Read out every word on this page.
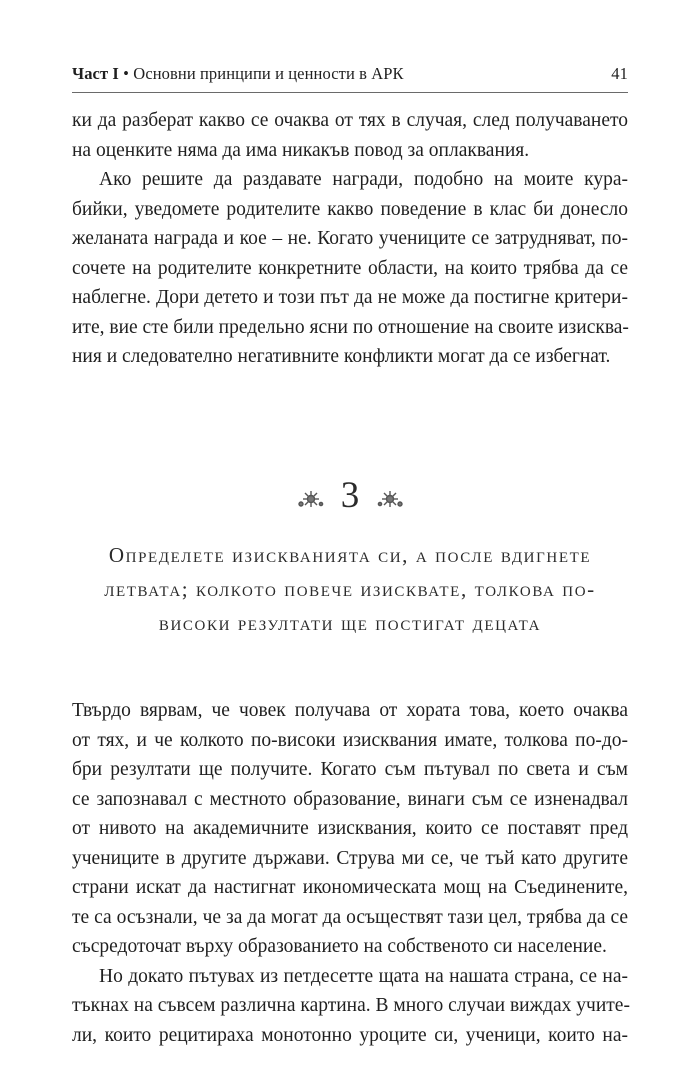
Част I • Основни принципи и ценности в АРК	41
ки да разберат какво се очаква от тях в случая, след получаването
на оценките няма да има никакъв повод за оплаквания.
Ако решите да раздавате награди, подобно на моите кура-
бийки, уведомете родителите какво поведение в клас би донесло
желаната награда и кое – не. Когато учениците се затрудняват, по-
сочете на родителите конкретните области, на които трябва да се
наблегне. Дори детето и този път да не може да постигне критери-
ите, вие сте били предельно ясни по отношение на своите изисква-
ния и следователно негативните конфликти могат да се избегнат.
3
Определете изискванията си, а после вдигнете
летвата; колкото повече изисквате, толкова по-
високи резултати ще постигат децата
Твърдо вярвам, че човек получава от хората това, което очаква
от тях, и че колкото по-високи изисквания имате, толкова по-до-
бри резултати ще получите. Когато съм пътувал по света и съм
се запознавал с местното образование, винаги съм се изненадвал
от нивото на академичните изисквания, които се поставят пред
учениците в другите държави. Струва ми се, че тъй като другите
страни искат да настигнат икономическата мощ на Съединените,
те са осъзнали, че за да могат да осъществят тази цел, трябва да се
съсредоточат върху образованието на собственото си население.
Но докато пътувах из петдесетте щата на нашата страна, се на-
тъкнах на съвсем различна картина. В много случаи виждах учите-
ли, които рецитираха монотонно уроците си, ученици, които на-
